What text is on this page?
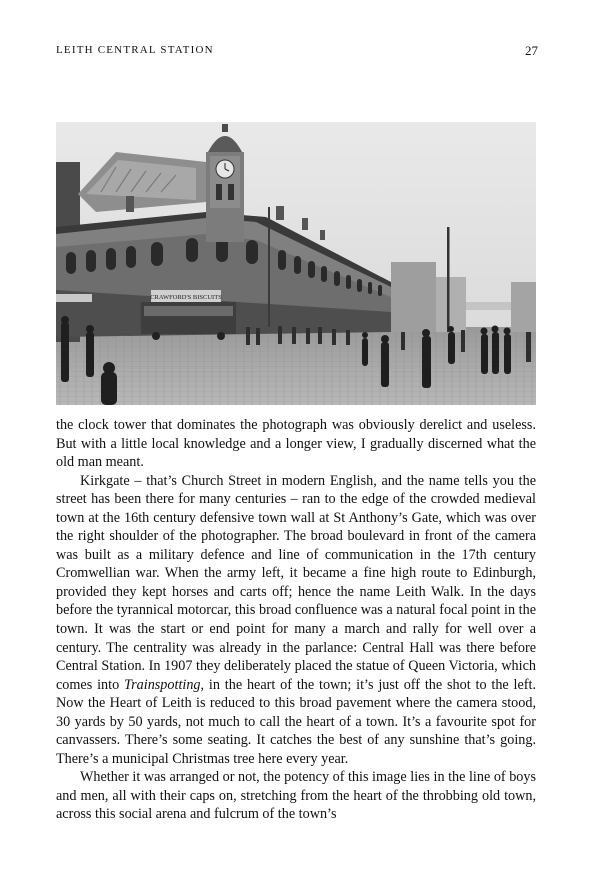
LEITH CENTRAL STATION	27
CRAWFORD'S BISCUITS

the clock tower that dominates the photograph was obviously derelict and useless. But with a little local knowledge and a longer view, I gradually discerned what the old man meant.

Kirkgate – that’s Church Street in modern English, and the name tells you the street has been there for many centuries – ran to the edge of the crowded medieval town at the 16th century defensive town wall at St Anthony’s Gate, which was over the right shoulder of the photographer. The broad boulevard in front of the camera was built as a military defence and line of communication in the 17th century Cromwellian war. When the army left, it became a fine high route to Edinburgh, provided they kept horses and carts off; hence the name Leith Walk. In the days before the tyrannical motorcar, this broad confluence was a natural focal point in the town. It was the start or end point for many a march and rally for well over a century. The centrality was already in the parlance: Central Hall was there before Central Station. In 1907 they deliberately placed the statue of Queen Victoria, which comes into Trainspotting, in the heart of the town; it’s just off the shot to the left. Now the Heart of Leith is reduced to this broad pavement where the camera stood, 30 yards by 50 yards, not much to call the heart of a town. It’s a favourite spot for canvassers. There’s some seating. It catches the best of any sunshine that’s going. There’s a municipal Christmas tree here every year.

Whether it was arranged or not, the potency of this image lies in the line of boys and men, all with their caps on, stretching from the heart of the throbbing old town, across this social arena and fulcrum of the town’s
